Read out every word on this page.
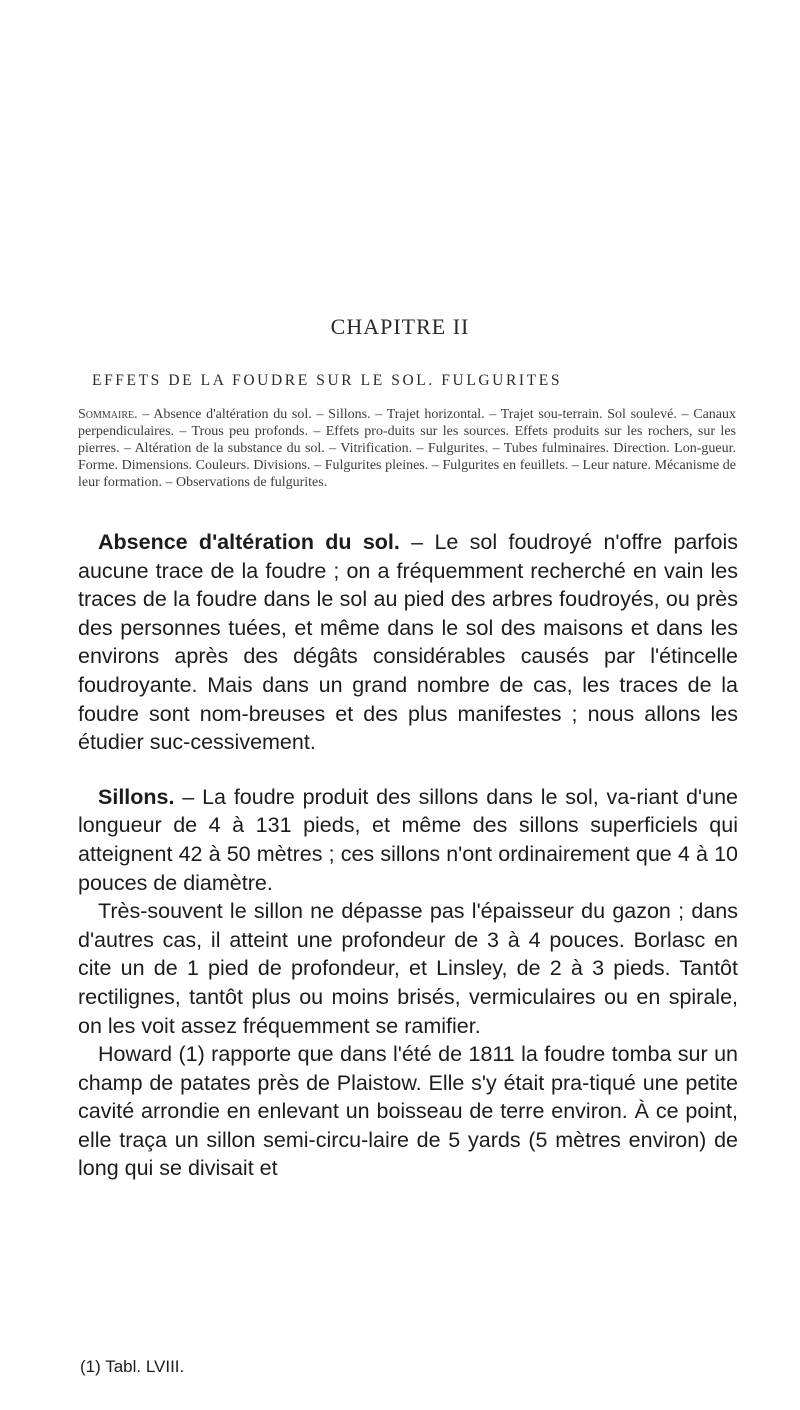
CHAPITRE II
EFFETS DE LA FOUDRE SUR LE SOL. FULGURITES
Sommaire. – Absence d'altération du sol. – Sillons. – Trajet horizontal. – Trajet sou-terrain. Sol soulevé. – Canaux perpendiculaires. – Trous peu profonds. – Effets pro-duits sur les sources. Effets produits sur les rochers, sur les pierres. – Altération de la substance du sol. – Vitrification. – Fulgurites. – Tubes fulminaires. Direction. Lon-gueur. Forme. Dimensions. Couleurs. Divisions. – Fulgurites pleines. – Fulgurites en feuillets. – Leur nature. Mécanisme de leur formation. – Observations de fulgurites.

Absence d'altération du sol. – Le sol foudroyé n'offre parfois aucune trace de la foudre ; on a fréquemment recherché en vain les traces de la foudre dans le sol au pied des arbres foudroyés, ou près des personnes tuées, et même dans le sol des maisons et dans les environs après des dégâts considérables causés par l'étincelle foudroyante. Mais dans un grand nombre de cas, les traces de la foudre sont nom-breuses et des plus manifestes ; nous allons les étudier suc-cessivement.

Sillons. – La foudre produit des sillons dans le sol, va-riant d'une longueur de 4 à 131 pieds, et même des sillons superficiels qui atteignent 42 à 50 mètres ; ces sillons n'ont ordinairement que 4 à 10 pouces de diamètre.

Très-souvent le sillon ne dépasse pas l'épaisseur du gazon ; dans d'autres cas, il atteint une profondeur de 3 à 4 pouces. Borlasc en cite un de 1 pied de profondeur, et Linsley, de 2 à 3 pieds. Tantôt rectilignes, tantôt plus ou moins brisés, vermiculaires ou en spirale, on les voit assez fréquemment se ramifier.

Howard (1) rapporte que dans l'été de 1811 la foudre tomba sur un champ de patates près de Plaistow. Elle s'y était pra-tiqué une petite cavité arrondie en enlevant un boisseau de terre environ. À ce point, elle traça un sillon semi-circu-laire de 5 yards (5 mètres environ) de long qui se divisait et

(1) Tabl. LVIII.
